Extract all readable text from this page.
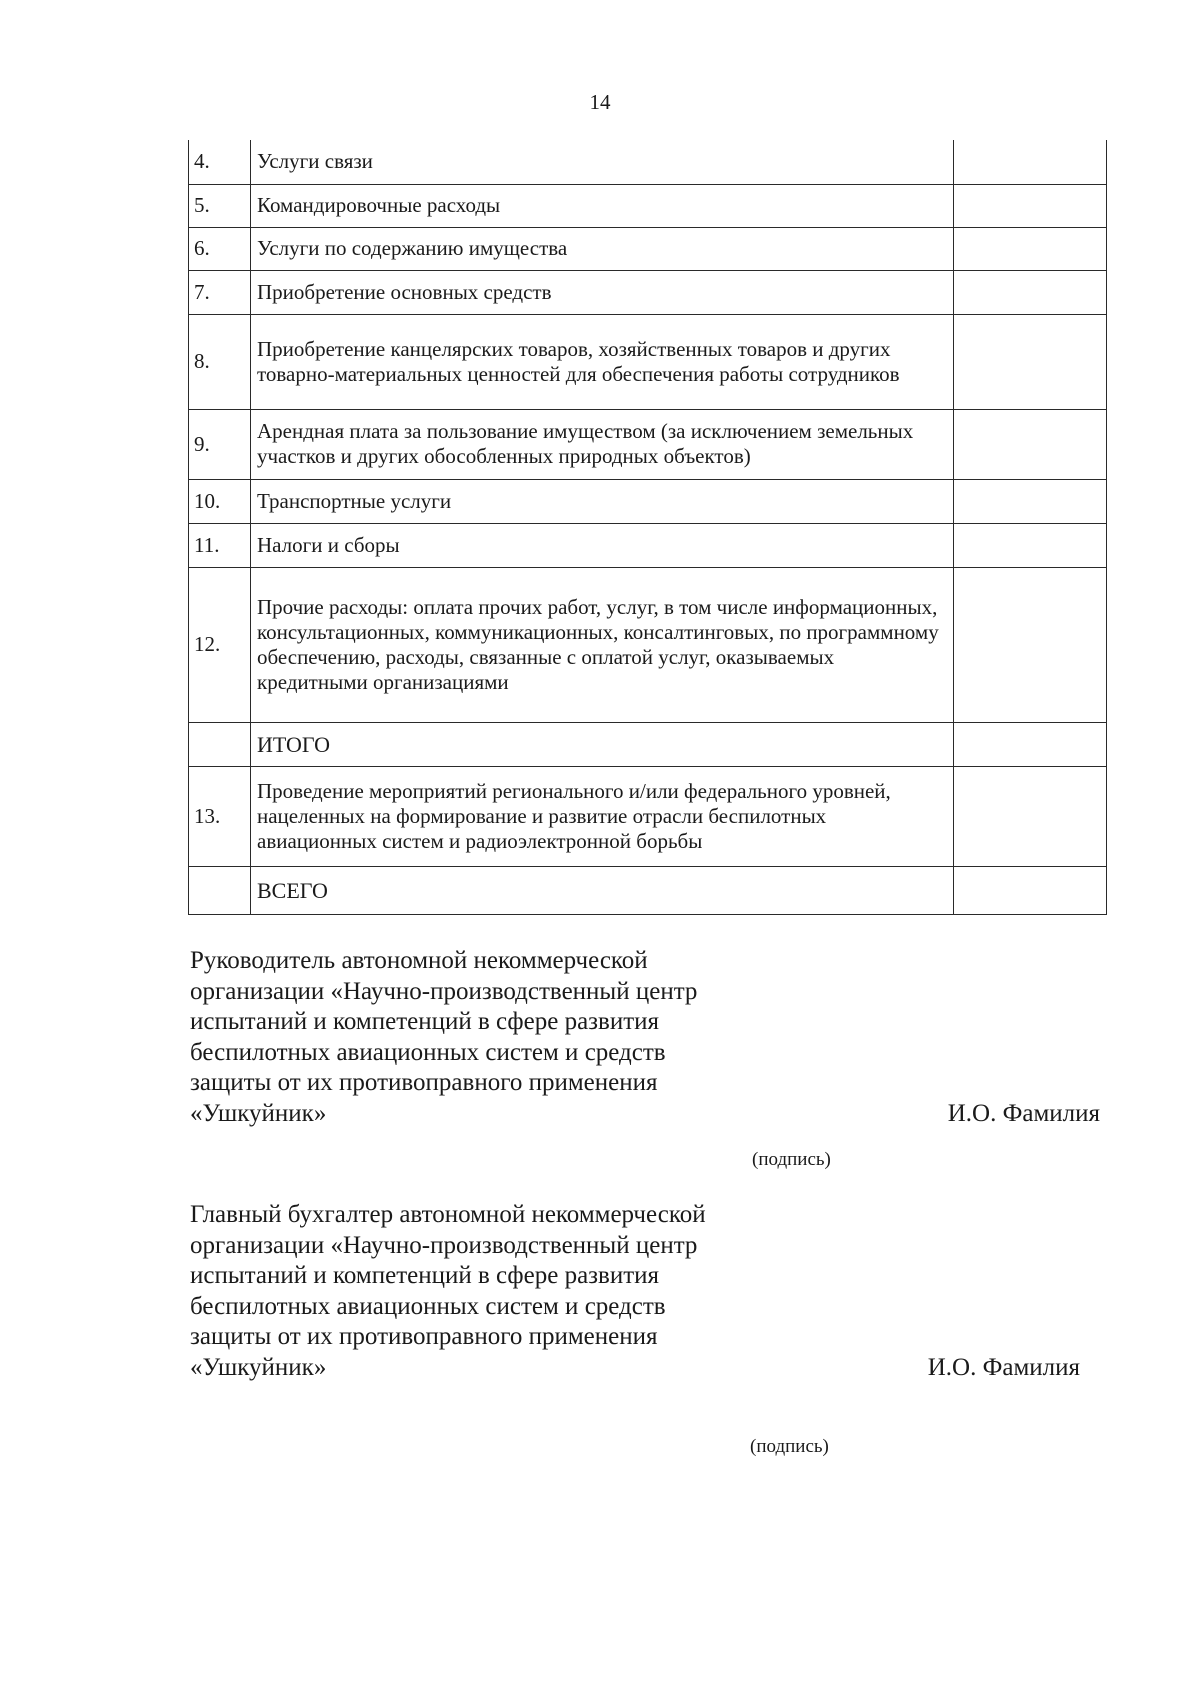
14
4.	Услуги связи	
5.	Командировочные расходы	
6.	Услуги по содержанию имущества	
7.	Приобретение основных средств	
8.	Приобретение канцелярских товаров, хозяйственных товаров и других товарно-материальных ценностей для обеспечения работы сотрудников	
9.	Арендная плата за пользование имуществом (за исключением земельных участков и других обособленных природных объектов)	
10.	Транспортные услуги	
11.	Налоги и сборы	
12.	Прочие расходы: оплата прочих работ, услуг, в том числе информационных, консультационных, коммуникационных, консалтинговых, по программному обеспечению, расходы, связанные с оплатой услуг, оказываемых кредитными организациями	
	ИТОГО	
13.	Проведение мероприятий регионального и/или федерального уровней, нацеленных на формирование и развитие отрасли беспилотных авиационных систем и радиоэлектронной борьбы	
	ВСЕГО	
Руководитель автономной некоммерческой организации «Научно-производственный центр испытаний и компетенций в сфере развития беспилотных авиационных систем и средств защиты от их противоправного применения «Ушкуйник»	И.О. Фамилия
(подпись)
Главный бухгалтер автономной некоммерческой организации «Научно-производственный центр испытаний и компетенций в сфере развития беспилотных авиационных систем и средств защиты от их противоправного применения «Ушкуйник»	И.О. Фамилия
(подпись)
